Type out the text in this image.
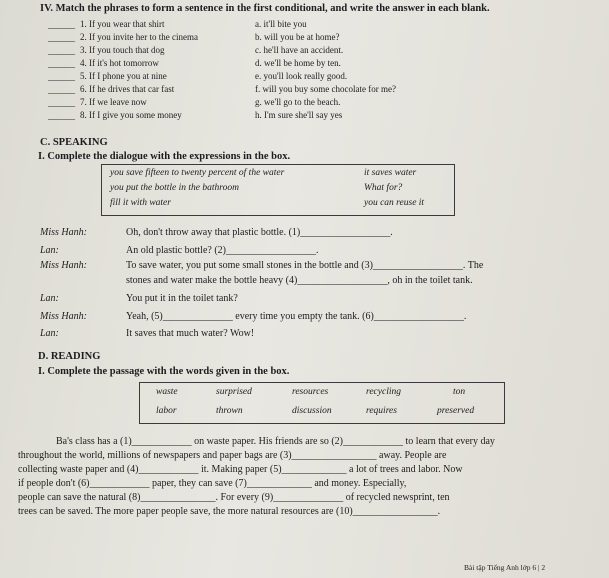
IV. Match the phrases to form a sentence in the first conditional, and write the answer in each blank.
______ 1. If you wear that shirt	a. it'll bite you
______ 2. If you invite her to the cinema	b. will you be at home?
______ 3. If you touch that dog	c. he'll have an accident.
______ 4. If it's hot tomorrow	d. we'll be home by ten.
______ 5. If I phone you at nine	e. you'll look really good.
______ 6. If he drives that car fast	f. will you buy some chocolate for me?
______ 7. If we leave now	g. we'll go to the beach.
______ 8. If I give you some money	h. I'm sure she'll say yes
C. SPEAKING
I. Complete the dialogue with the expressions in the box.
you save fifteen to twenty percent of the water	it saves water
you put the bottle in the bathroom	What for?
fill it with water	you can reuse it
Miss Hanh:	Oh, don't throw away that plastic bottle. (1)__________________.
Lan:	An old plastic bottle? (2)__________________.
Miss Hanh:	To save water, you put some small stones in the bottle and (3)__________________. The
stones and water make the bottle heavy (4)__________________, oh in the toilet tank.
Lan:	You put it in the toilet tank?
Miss Hanh:	Yeah, (5)______________ every time you empty the tank. (6)__________________.
Lan:	It saves that much water? Wow!
D. READING
I. Complete the passage with the words given in the box.
waste	surprised	resources	recycling	ton
labor	thrown	discussion	requires	preserved
Ba's class has a (1)____________ on waste paper. His friends are so (2)____________ to learn that every day
throughout the world, millions of newspapers and paper bags are (3)_________________ away. People are
collecting waste paper and (4)____________ it. Making paper (5)_____________ a lot of trees and labor. Now
if people don't (6)____________ paper, they can save (7)_____________ and money. Especially,
people can save the natural (8)_______________. For every (9)______________ of recycled newsprint, ten
trees can be saved. The more paper people save, the more natural resources are (10)_________________.
Bài tập Tiếng Anh lớp 6 | 2
